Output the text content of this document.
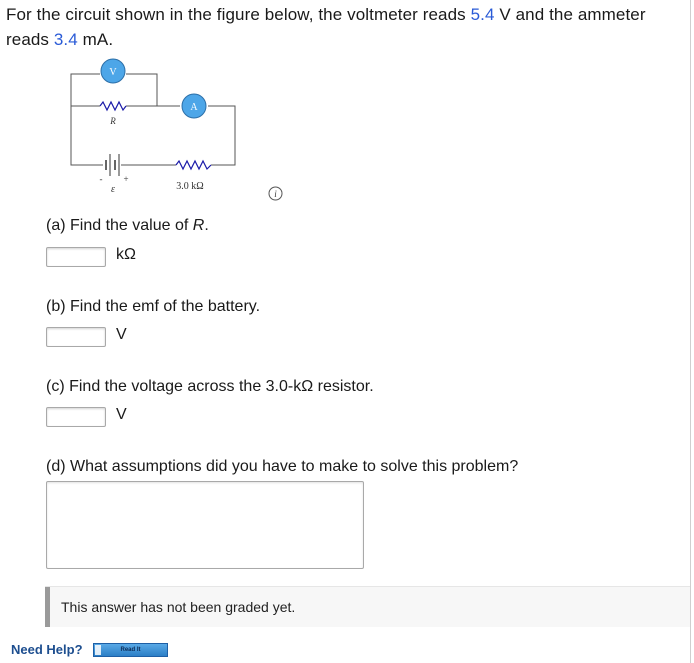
For the circuit shown in the figure below, the voltmeter reads 5.4 V and the ammeter reads 3.4 mA.
V
A
R
- +
ε	3.0 kΩ
i
(a) Find the value of R.
kΩ
(b) Find the emf of the battery.
V
(c) Find the voltage across the 3.0-kΩ resistor.
V
(d) What assumptions did you have to make to solve this problem?
This answer has not been graded yet.
Need Help?	Read It
